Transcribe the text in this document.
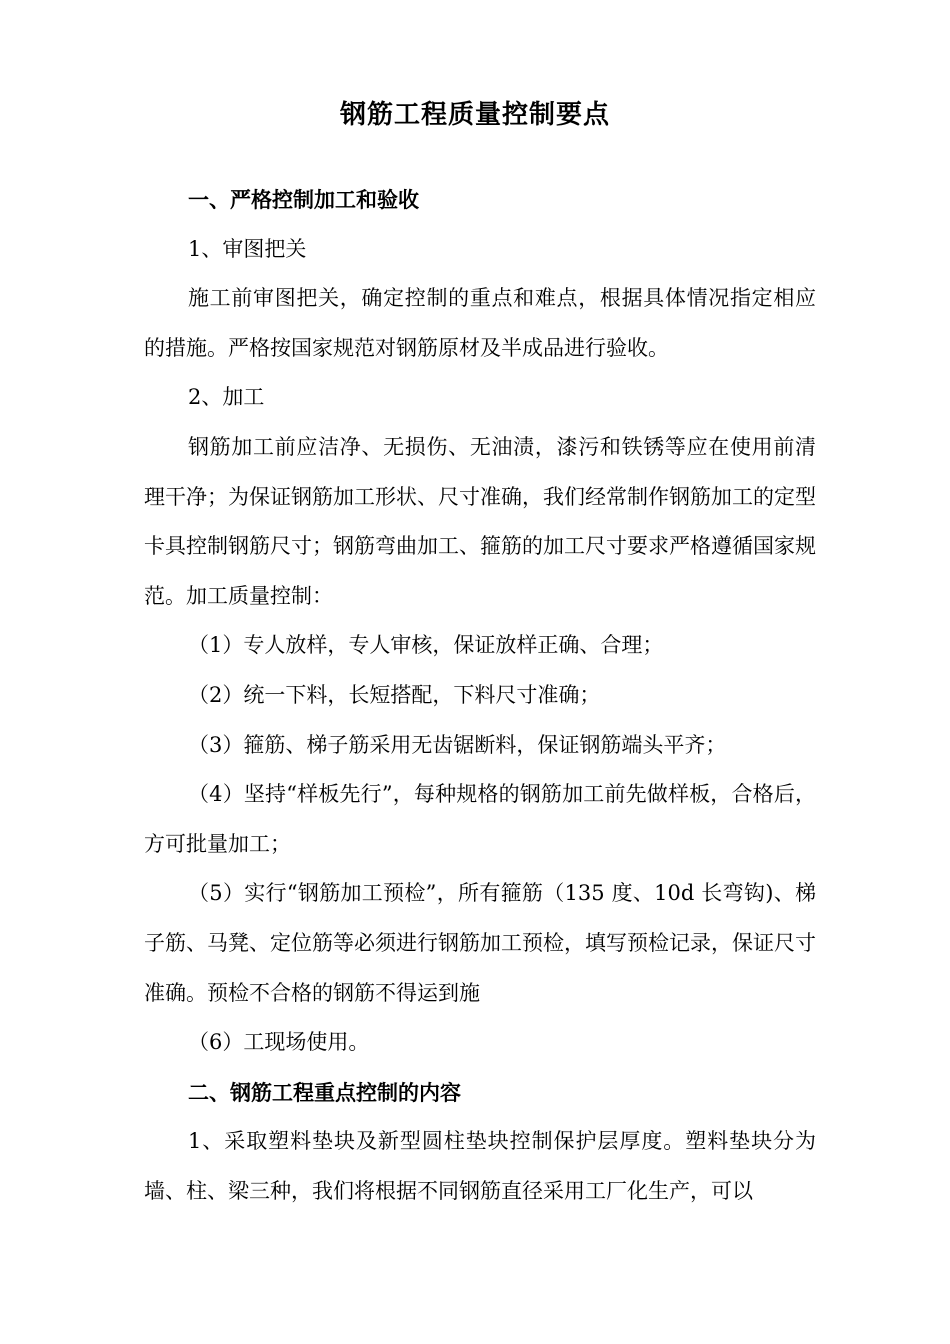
钢筋工程质量控制要点

一、严格控制加工和验收

1、审图把关

施工前审图把关，确定控制的重点和难点，根据具体情况指定相应的措施。严格按国家规范对钢筋原材及半成品进行验收。

2、加工

钢筋加工前应洁净、无损伤、无油渍，漆污和铁锈等应在使用前清理干净；为保证钢筋加工形状、尺寸准确，我们经常制作钢筋加工的定型卡具控制钢筋尺寸；钢筋弯曲加工、箍筋的加工尺寸要求严格遵循国家规范。加工质量控制：

（1）专人放样，专人审核，保证放样正确、合理；

（2）统一下料，长短搭配，下料尺寸准确；

（3）箍筋、梯子筋采用无齿锯断料，保证钢筋端头平齐；

（4）坚持“样板先行”，每种规格的钢筋加工前先做样板，合格后，方可批量加工；

（5）实行“钢筋加工预检”，所有箍筋（135 度、10d 长弯钩)、梯子筋、马凳、定位筋等必须进行钢筋加工预检，填写预检记录，保证尺寸准确。预检不合格的钢筋不得运到施

（6）工现场使用。

二、钢筋工程重点控制的内容

1、采取塑料垫块及新型圆柱垫块控制保护层厚度。塑料垫块分为墙、柱、梁三种，我们将根据不同钢筋直径采用工厂化生产，可以
